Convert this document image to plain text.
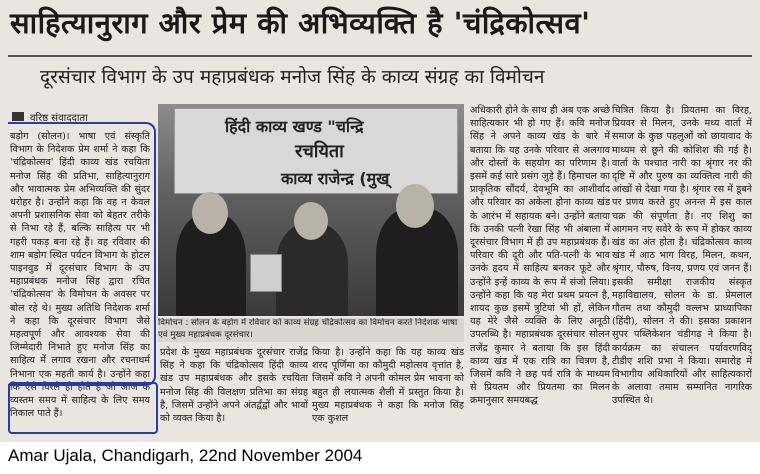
साहित्यानुराग और प्रेम की अभिव्यक्ति है 'चंद्रिकोत्सव'
दूरसंचार विभाग के उप महाप्रबंधक मनोज सिंह के काव्य संग्रह का विमोचन
वरिष्ठ संवाददाता

बड़ोग (सोलन)। भाषा एवं संस्कृति विभाग के निदेशक प्रेम शर्मा ने कहा कि 'चंद्रिकोत्सव' हिंदी काव्य खंड रचयिता मनोज सिंह की प्रतिभा, साहित्यानुराग और भावात्मक प्रेम अभिव्यक्ति की सुंदर धरोहर है। उन्होंने कहा कि वह न केवल अपनी प्रशासनिक सेवा को बेहतर तरीके से निभा रहे हैं, बल्कि साहित्य पर भी गहरी पकड़ बना रहे हैं। वह रविवार की शाम बड़ोग स्थित पर्यटन विभाग के होटल पाइनवुड में दूरसंचार विभाग के उप महाप्रबंधक मनोज सिंह द्वारा रचित 'चंद्रिकोत्सव' के विमोचन के अवसर पर बोल रहे थे। मुख्य अतिथि निदेशक शर्मा ने कहा कि दूरसंचार विभाग जैसे महत्वपूर्ण और आवश्यक सेवा की जिम्मेदारी निभाते हुए मनोज सिंह का साहित्य में लगाव रखना और रचनाधर्म निभाना एक महती कार्य है। उन्होंने कहा कि ऐसे विरले ही होते हैं जो आज के व्यस्तम समय में साहित्य के लिए समय निकाल पाते हैं।

हिंदी काव्य खण्ड "चन्द्रि
रचयिता
काव्य राजेन्द्र (मुख्
विमोचन : सोलन के बड़ोग में रविवार को काव्य संग्रह चंद्रिकोत्सव का विमोचन करते निदेशक भाषा एवं मुख्य महाप्रबंधक दूरसंचार।

प्रदेश के मुख्य महाप्रबंधक दूरसंचार राजेंद्र सिंह ने कहा कि चंद्रिकोत्सव हिंदी काव्य खंड उप महाप्रबंधक और इसके रचयिता मनोज सिंह की विलक्षण प्रतिभा का संग्रह है, जिसमें उन्होंने अपने अंतर्द्वंद्वों और भावों को व्यक्त किया है।

किया है। उन्होंने कहा कि यह काव्य खंड शरद पूर्णिमा का कौमुदी महोत्सव वृत्तांत है, जिसमें कवि ने अपनी कोमल प्रेम भावना को बहुत ही लयात्मक शैली में प्रस्तुत किया है। मुख्य महाप्रबंधक ने कहा कि मनोज सिंह एक कुशल

अधिकारी होने के साथ ही अब एक अच्छे साहित्यकार भी हो गए हैं। कवि मनोज सिंह ने अपने काव्य खंड के बारे में बताया कि यह उनके परिवार से अलगाव और दोस्तों के सहयोग का परिणाम है। इसमें कई सारे प्रसंग जुड़े हैं। हिमाचल का प्राकृतिक सौंदर्य, देवभूमि का आशीर्वाद और परिवार का अकेला होना काव्य खंड के आरंभ में सहायक बने। उन्होंने बताया कि उनकी पत्नी रेखा सिंह भी अंबाला में दूरसंचार विभाग में ही उप महाप्रबंधक हैं। परिवार की दूरी और पति-पत्नी के भाव उनके हृदय में साहित्य बनकर फूटे और उन्होंने इन्हें काव्य के रूप में संजो लिया। उन्होंने कहा कि यह मेरा प्रथम प्रयत्न है, शायद कुछ इसमें त्रुटियां भी हों, लेकिन यह मेरे जैसे व्यक्ति के लिए अनूठी उपलब्धि है। महाप्रबंधक दूरसंचार सोलन तजेंद्र कुमार ने बताया कि इस हिंदी काव्य खंड में एक रात्रि का चित्रण है, जिसमें कवि ने छह पर्व रात्रि के माध्यम से प्रियतम और प्रियतमा का मिलन क्रमानुसार समयबद्ध

चित्रित किया है। प्रियतमा का विरह, प्रियवर से मिलन, उनके मध्य वार्ता में समाज के कुछ पहलुओं को छायावाद के माध्यम से छूने की कोशिश की गई है। वार्ता के पश्चात नारी का श्रृंगार नर की दृष्टि में और पुरुष का व्यक्तित्व नारी की आंखों से देखा गया है। श्रृंगार रस में डूबने पर प्रणय करते हुए अनन्त में इस काल चक्र की संपूर्णता है। नए शिशु का आगमन नए सवेरे के रूप में होकर काव्य खंड का अंत होता है। चंद्रिकोत्सव काव्य खंड में आठ भाग विरह, मिलन, कथन, श्रृंगार, पौरुष, विनय, प्रणय एवं जनन हैं। इसकी समीक्षा राजकीय संस्कृत महाविद्यालय, सोलन के डा. प्रेमलाल गौतम तथा कौमुदी वल्लभ प्राध्यापिका (हिंदी), सोलन ने की। इसका प्रकाशन सुपर पब्लिकेशन चंडीगढ़ ने किया है। कार्यक्रम का संचालन पर्यावरणविद् टीडीए शशि प्रभा ने किया। समारोह में विभागीय अधिकारियों और साहित्यकारों के अलावा तमाम सम्मानित नागरिक उपस्थित थे।

Amar Ujala, Chandigarh, 22nd November 2004
